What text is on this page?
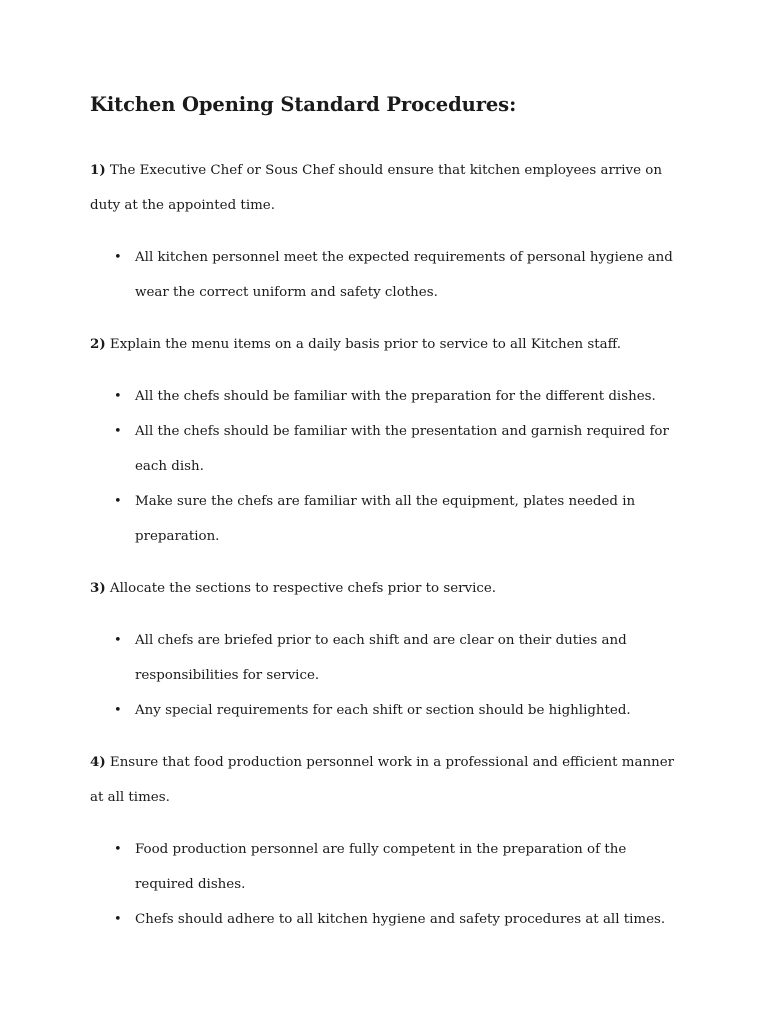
Kitchen Opening Standard Procedures:

1) The Executive Chef or Sous Chef should ensure that kitchen employees arrive on duty at the appointed time.

• All kitchen personnel meet the expected requirements of personal hygiene and wear the correct uniform and safety clothes.

2) Explain the menu items on a daily basis prior to service to all Kitchen staff.

• All the chefs should be familiar with the preparation for the different dishes.
• All the chefs should be familiar with the presentation and garnish required for each dish.
• Make sure the chefs are familiar with all the equipment, plates needed in preparation.

3) Allocate the sections to respective chefs prior to service.

• All chefs are briefed prior to each shift and are clear on their duties and responsibilities for service.
• Any special requirements for each shift or section should be highlighted.

4) Ensure that food production personnel work in a professional and efficient manner at all times.

• Food production personnel are fully competent in the preparation of the required dishes.
• Chefs should adhere to all kitchen hygiene and safety procedures at all times.
